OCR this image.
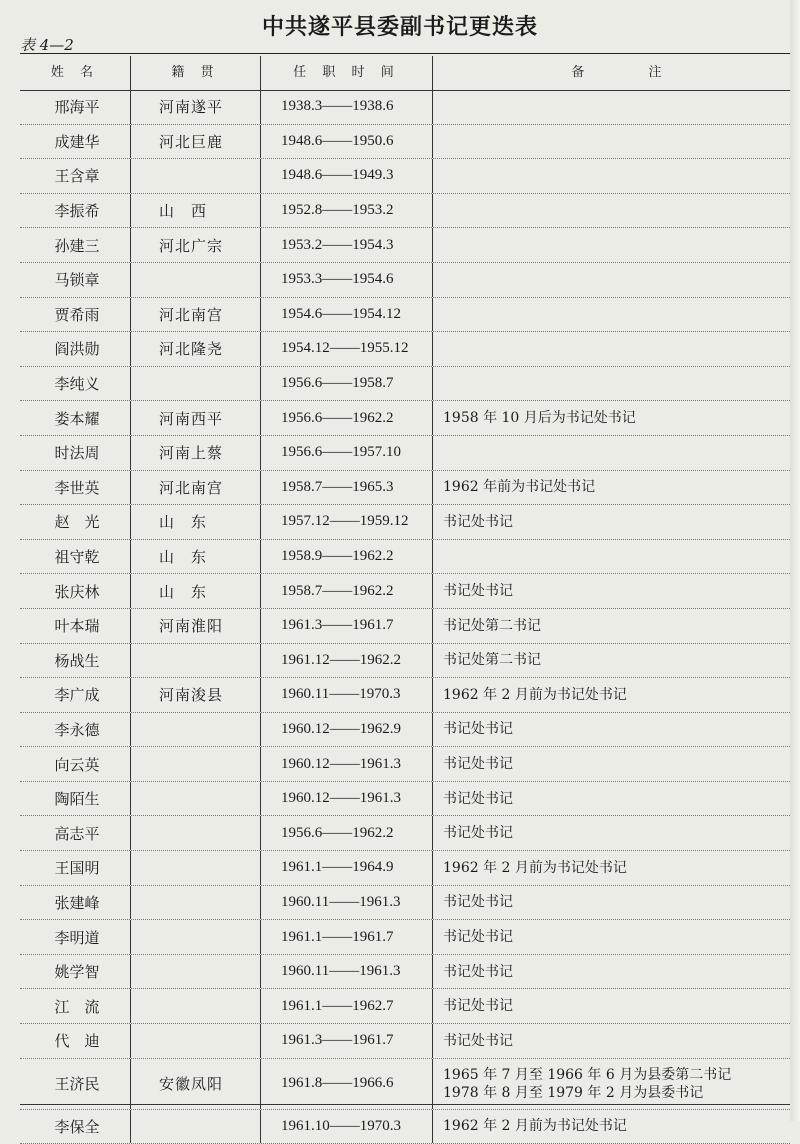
中共遂平县委副书记更迭表
表 4—2
姓 名	籍 贯	任 职 时 间	备 注
邢海平	河南遂平	1938.3——1938.6
成建华	河北巨鹿	1948.6——1950.6
王含章	1948.6——1949.3
李振希	山　西	1952.8——1953.2
孙建三	河北广宗	1953.2——1954.3
马锁章	1953.3——1954.6
贾希雨	河北南宫	1954.6——1954.12
阎洪勋	河北隆尧	1954.12——1955.12
李纯义	1956.6——1958.7
娄本耀	河南西平	1956.6——1962.2	1958 年 10 月后为书记处书记
时法周	河南上蔡	1956.6——1957.10
李世英	河北南宫	1958.7——1965.3	1962 年前为书记处书记
赵　光	山　东	1957.12——1959.12	书记处书记
祖守乾	山　东	1958.9——1962.2
张庆林	山　东	1958.7——1962.2	书记处书记
叶本瑞	河南淮阳	1961.3——1961.7	书记处第二书记
杨战生	1961.12——1962.2	书记处第二书记
李广成	河南浚县	1960.11——1970.3	1962 年 2 月前为书记处书记
李永德	1960.12——1962.9	书记处书记
向云英	1960.12——1961.3	书记处书记
陶陌生	1960.12——1961.3	书记处书记
高志平	1956.6——1962.2	书记处书记
王国明	1961.1——1964.9	1962 年 2 月前为书记处书记
张建峰	1960.11——1961.3	书记处书记
李明道	1961.1——1961.7	书记处书记
姚学智	1960.11——1961.3	书记处书记
江　流	1961.1——1962.7	书记处书记
代　迪	1961.3——1961.7	书记处书记
王济民	安徽凤阳	1961.8——1966.6
1965 年 7 月至 1966 年 6 月为县委第二书记
1978 年 8 月至 1979 年 2 月为县委书记
李保全	1961.10——1970.3	1962 年 2 月前为书记处书记
